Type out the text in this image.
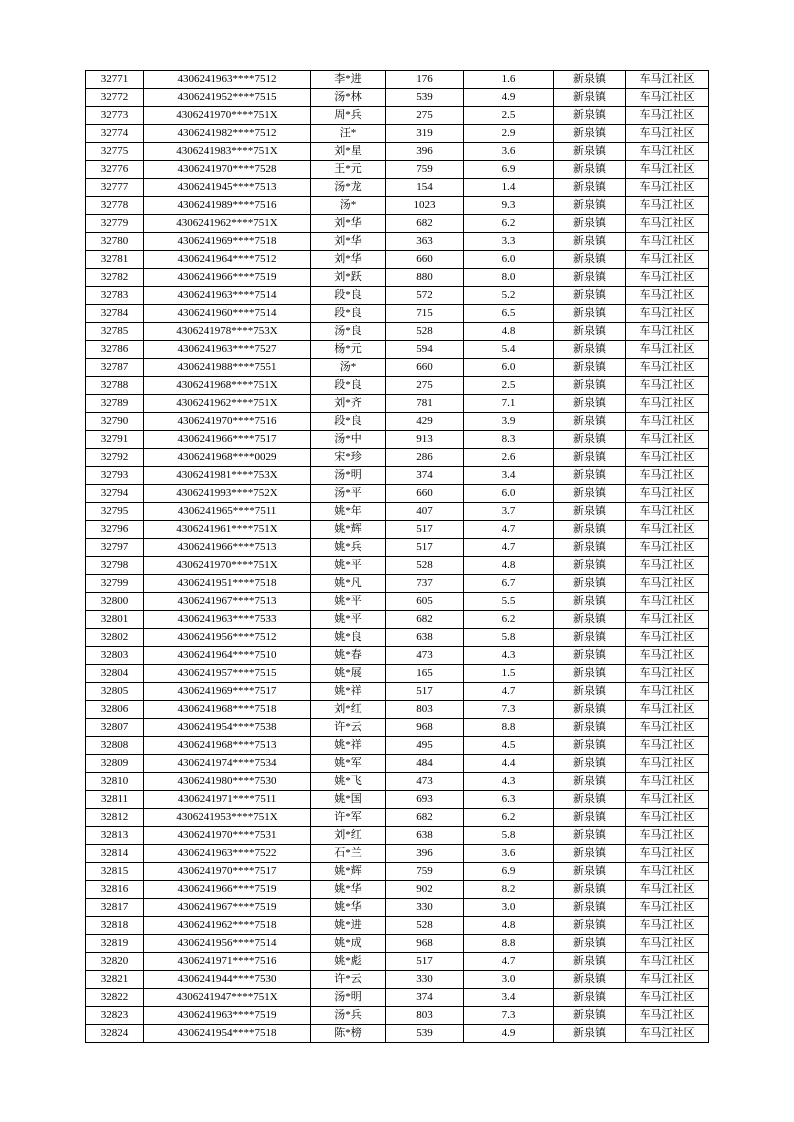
32771	4306241963****7512	李*进	176	1.6	新泉镇	车马江社区
32772	4306241952****7515	汤*林	539	4.9	新泉镇	车马江社区
32773	4306241970****751X	周*兵	275	2.5	新泉镇	车马江社区
32774	4306241982****7512	汪*	319	2.9	新泉镇	车马江社区
32775	4306241983****751X	刘*星	396	3.6	新泉镇	车马江社区
32776	4306241970****7528	王*元	759	6.9	新泉镇	车马江社区
32777	4306241945****7513	汤*龙	154	1.4	新泉镇	车马江社区
32778	4306241989****7516	汤*	1023	9.3	新泉镇	车马江社区
32779	4306241962****751X	刘*华	682	6.2	新泉镇	车马江社区
32780	4306241969****7518	刘*华	363	3.3	新泉镇	车马江社区
32781	4306241964****7512	刘*华	660	6.0	新泉镇	车马江社区
32782	4306241966****7519	刘*跃	880	8.0	新泉镇	车马江社区
32783	4306241963****7514	段*良	572	5.2	新泉镇	车马江社区
32784	4306241960****7514	段*良	715	6.5	新泉镇	车马江社区
32785	4306241978****753X	汤*良	528	4.8	新泉镇	车马江社区
32786	4306241963****7527	杨*元	594	5.4	新泉镇	车马江社区
32787	4306241988****7551	汤*	660	6.0	新泉镇	车马江社区
32788	4306241968****751X	段*良	275	2.5	新泉镇	车马江社区
32789	4306241962****751X	刘*齐	781	7.1	新泉镇	车马江社区
32790	4306241970****7516	段*良	429	3.9	新泉镇	车马江社区
32791	4306241966****7517	汤*中	913	8.3	新泉镇	车马江社区
32792	4306241968****0029	宋*珍	286	2.6	新泉镇	车马江社区
32793	4306241981****753X	汤*明	374	3.4	新泉镇	车马江社区
32794	4306241993****752X	汤*平	660	6.0	新泉镇	车马江社区
32795	4306241965****7511	姚*年	407	3.7	新泉镇	车马江社区
32796	4306241961****751X	姚*辉	517	4.7	新泉镇	车马江社区
32797	4306241966****7513	姚*兵	517	4.7	新泉镇	车马江社区
32798	4306241970****751X	姚*平	528	4.8	新泉镇	车马江社区
32799	4306241951****7518	姚*凡	737	6.7	新泉镇	车马江社区
32800	4306241967****7513	姚*平	605	5.5	新泉镇	车马江社区
32801	4306241963****7533	姚*平	682	6.2	新泉镇	车马江社区
32802	4306241956****7512	姚*良	638	5.8	新泉镇	车马江社区
32803	4306241964****7510	姚*春	473	4.3	新泉镇	车马江社区
32804	4306241957****7515	姚*展	165	1.5	新泉镇	车马江社区
32805	4306241969****7517	姚*祥	517	4.7	新泉镇	车马江社区
32806	4306241968****7518	刘*红	803	7.3	新泉镇	车马江社区
32807	4306241954****7538	许*云	968	8.8	新泉镇	车马江社区
32808	4306241968****7513	姚*祥	495	4.5	新泉镇	车马江社区
32809	4306241974****7534	姚*军	484	4.4	新泉镇	车马江社区
32810	4306241980****7530	姚*飞	473	4.3	新泉镇	车马江社区
32811	4306241971****7511	姚*国	693	6.3	新泉镇	车马江社区
32812	4306241953****751X	许*军	682	6.2	新泉镇	车马江社区
32813	4306241970****7531	刘*红	638	5.8	新泉镇	车马江社区
32814	4306241963****7522	石*兰	396	3.6	新泉镇	车马江社区
32815	4306241970****7517	姚*辉	759	6.9	新泉镇	车马江社区
32816	4306241966****7519	姚*华	902	8.2	新泉镇	车马江社区
32817	4306241967****7519	姚*华	330	3.0	新泉镇	车马江社区
32818	4306241962****7518	姚*进	528	4.8	新泉镇	车马江社区
32819	4306241956****7514	姚*成	968	8.8	新泉镇	车马江社区
32820	4306241971****7516	姚*彪	517	4.7	新泉镇	车马江社区
32821	4306241944****7530	许*云	330	3.0	新泉镇	车马江社区
32822	4306241947****751X	汤*明	374	3.4	新泉镇	车马江社区
32823	4306241963****7519	汤*兵	803	7.3	新泉镇	车马江社区
32824	4306241954****7518	陈*榜	539	4.9	新泉镇	车马江社区
